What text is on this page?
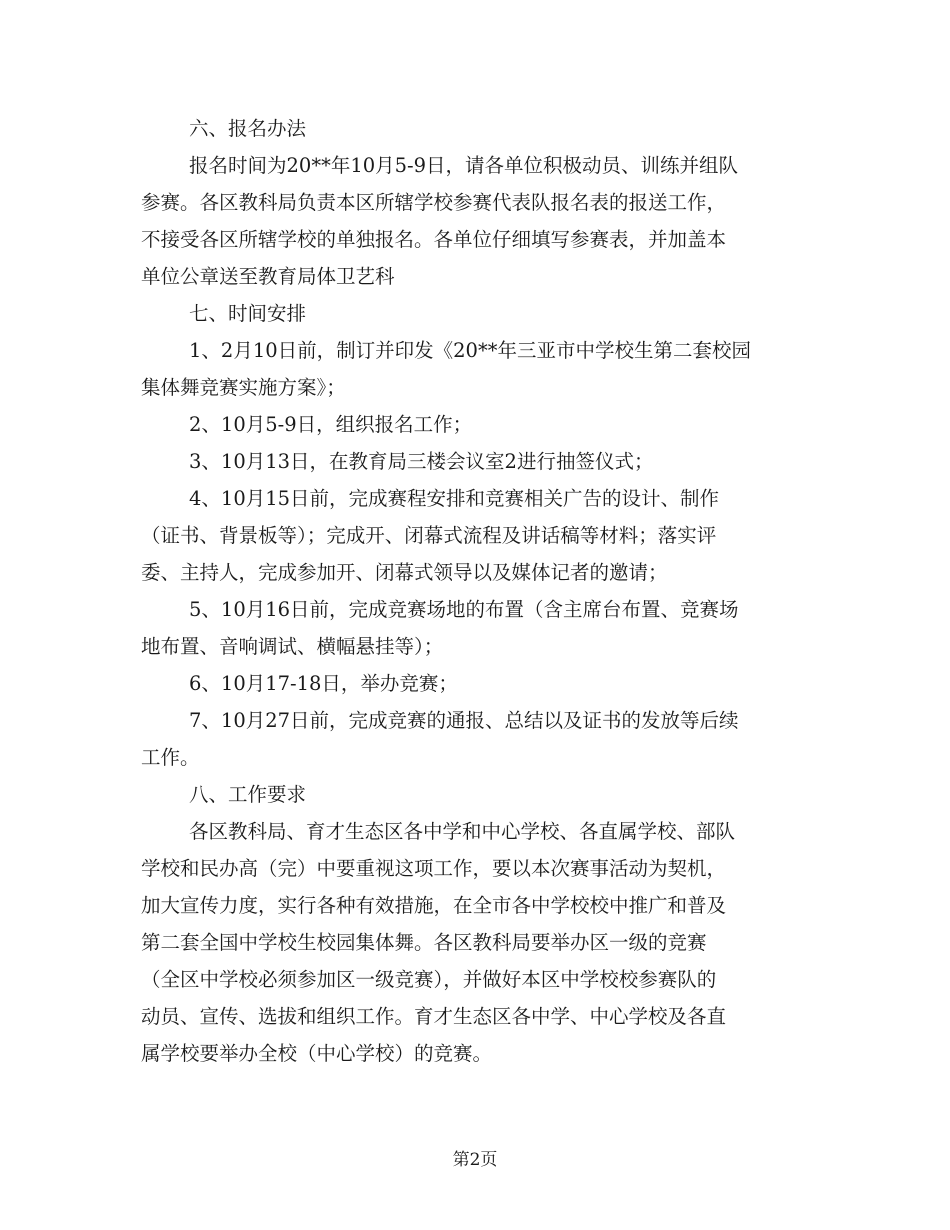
六、报名办法

报名时间为20**年10月5-9日，请各单位积极动员、训练并组队

参赛。各区教科局负责本区所辖学校参赛代表队报名表的报送工作，

不接受各区所辖学校的单独报名。各单位仔细填写参赛表，并加盖本

单位公章送至教育局体卫艺科

七、时间安排

1、2月10日前，制订并印发《20**年三亚市中学校生第二套校园

集体舞竞赛实施方案》；

2、10月5-9日，组织报名工作；

3、10月13日，在教育局三楼会议室2进行抽签仪式；

4、10月15日前，完成赛程安排和竞赛相关广告的设计、制作

（证书、背景板等）；完成开、闭幕式流程及讲话稿等材料；落实评

委、主持人，完成参加开、闭幕式领导以及媒体记者的邀请；

5、10月16日前，完成竞赛场地的布置（含主席台布置、竞赛场

地布置、音响调试、横幅悬挂等）；

6、10月17-18日，举办竞赛；

7、10月27日前，完成竞赛的通报、总结以及证书的发放等后续

工作。

八、工作要求

各区教科局、育才生态区各中学和中心学校、各直属学校、部队

学校和民办高（完）中要重视这项工作，要以本次赛事活动为契机，

加大宣传力度，实行各种有效措施，在全市各中学校校中推广和普及

第二套全国中学校生校园集体舞。各区教科局要举办区一级的竞赛

（全区中学校必须参加区一级竞赛），并做好本区中学校校参赛队的

动员、宣传、选拔和组织工作。育才生态区各中学、中心学校及各直

属学校要举办全校（中心学校）的竞赛。

第2页
